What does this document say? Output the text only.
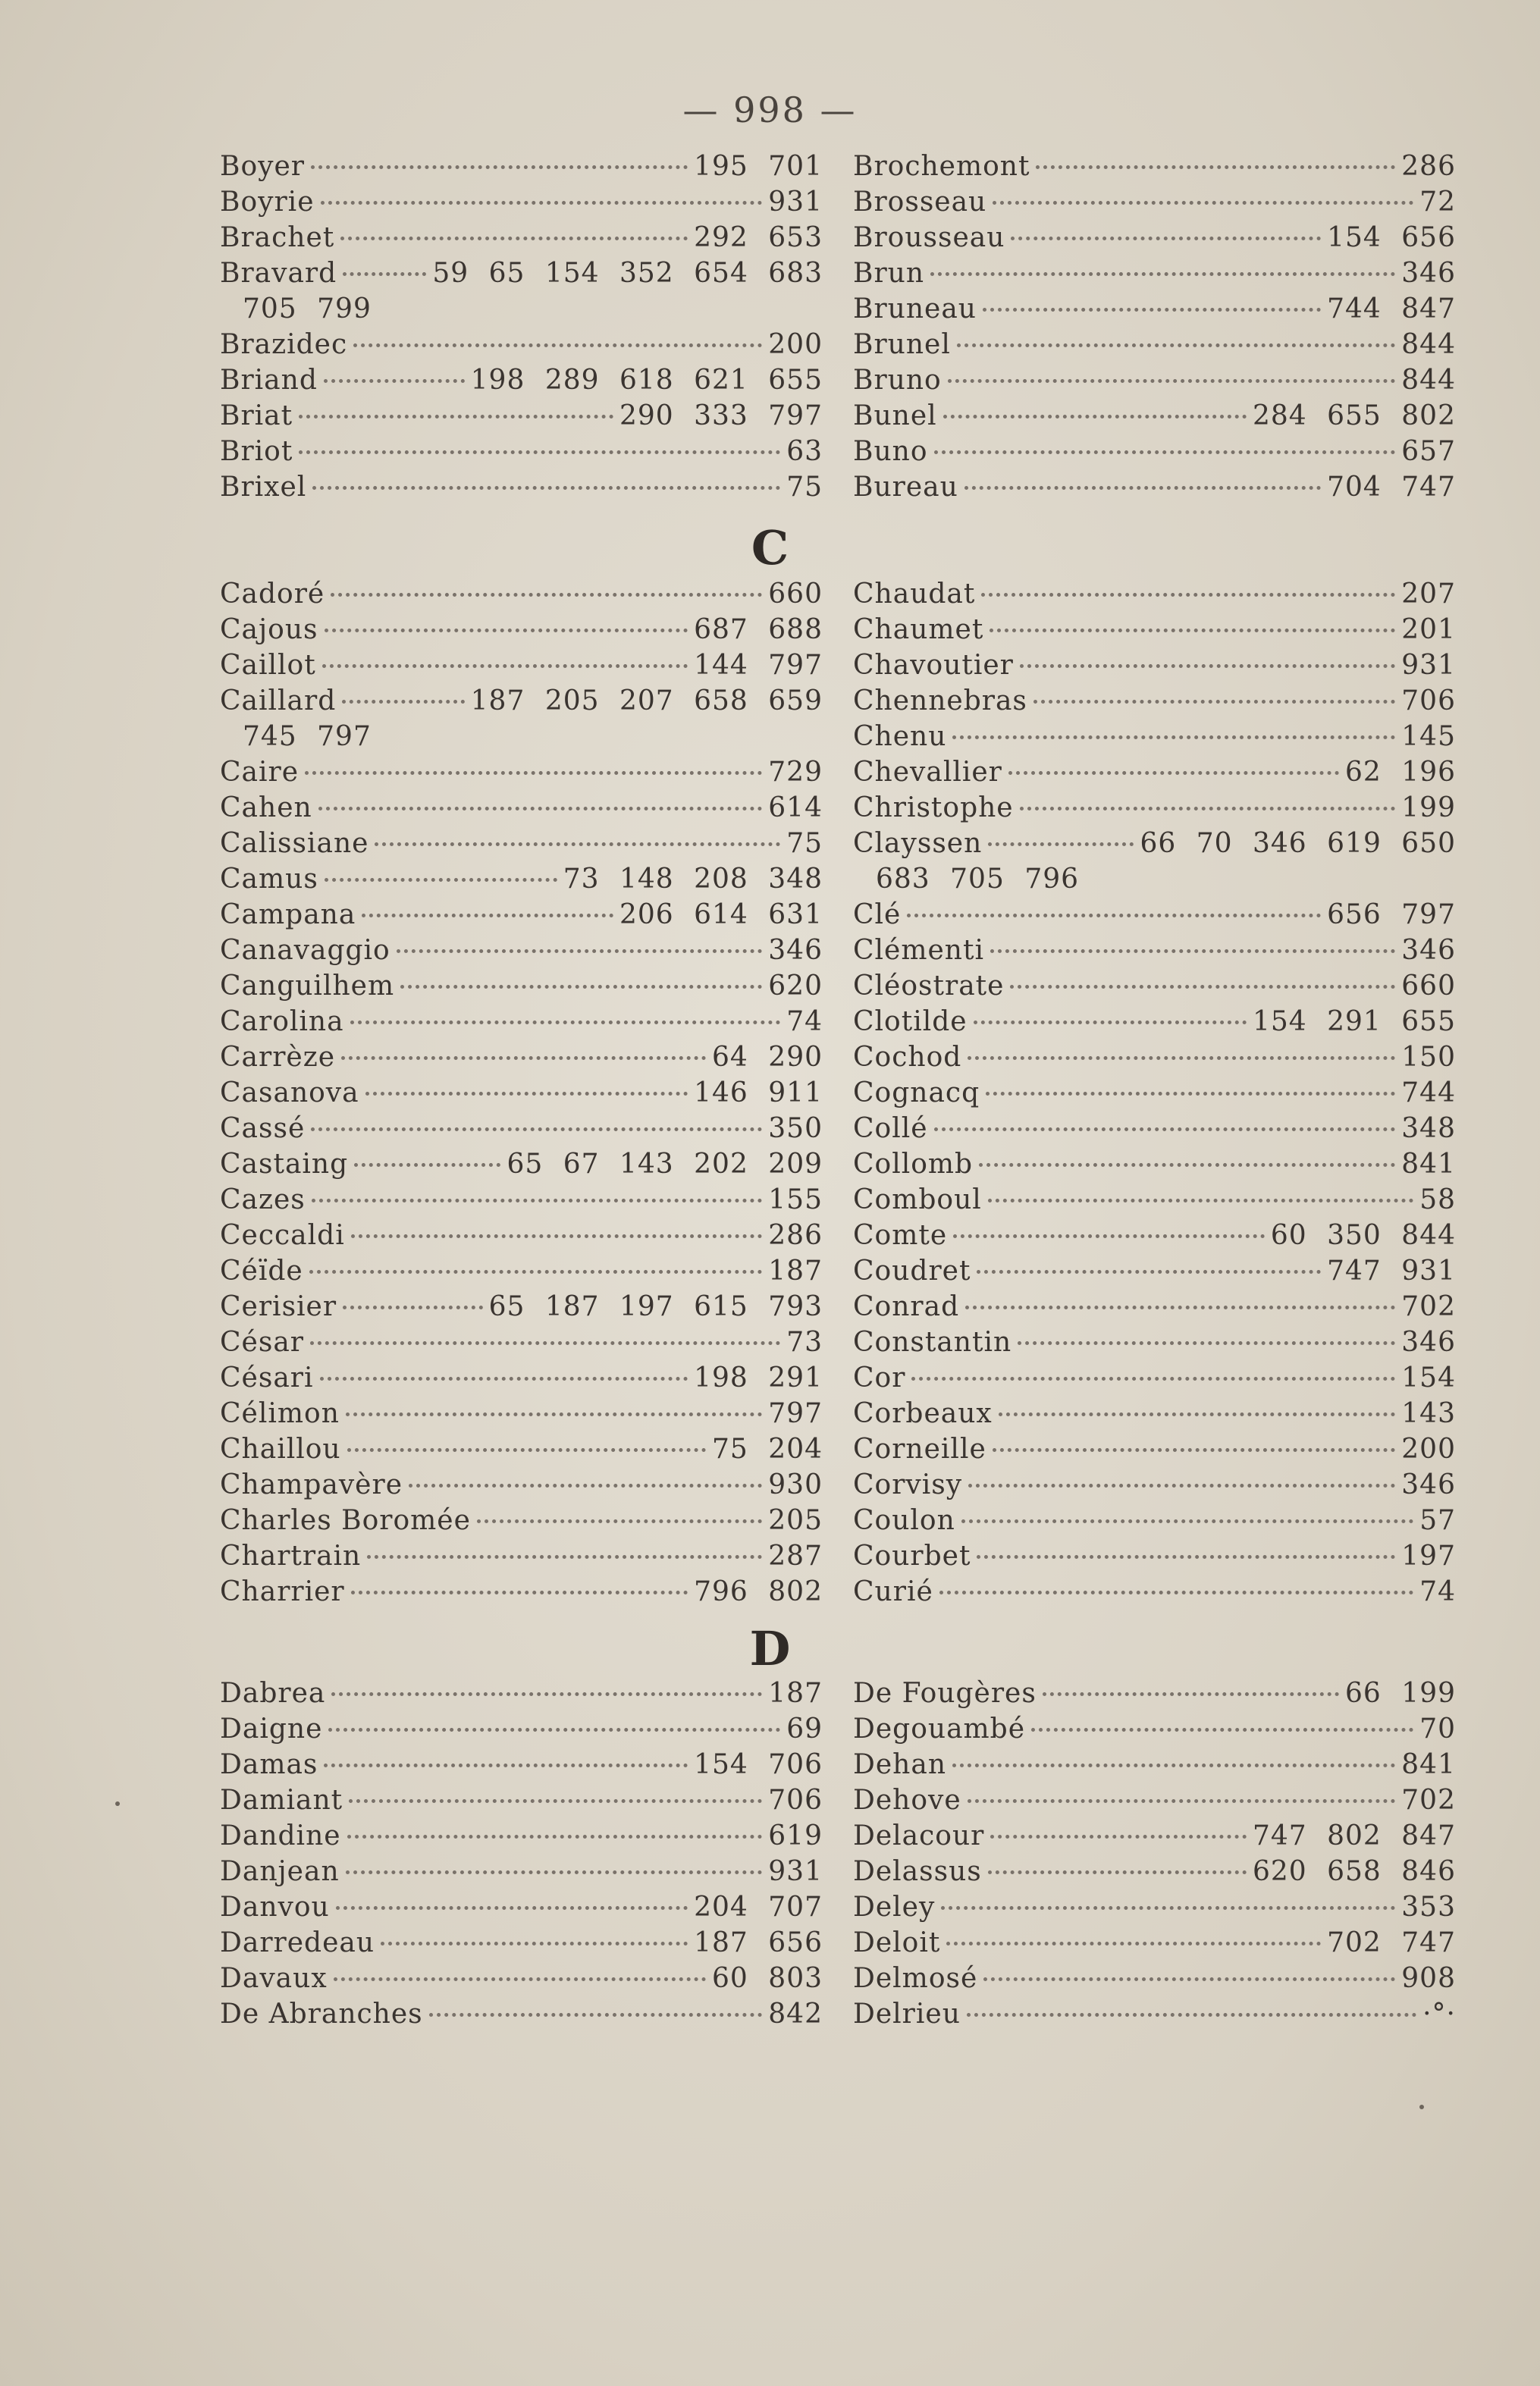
— 998 —
Boyer	195 701
Boyrie	931
Brachet	292 653
Bravard	59 65 154 352 654 683
705 799
Brazidec	200
Briand	198 289 618 621 655
Briat	290 333 797
Briot	63
Brixel	75
Brochemont	286
Brosseau	72
Brousseau	154 656
Brun	346
Bruneau	744 847
Brunel	844
Bruno	844
Bunel	284 655 802
Buno	657
Bureau	704 747
C
Cadoré	660
Cajous	687 688
Caillot	144 797
Caillard	187 205 207 658 659
745 797
Caire	729
Cahen	614
Calissiane	75
Camus	73 148 208 348
Campana	206 614 631
Canavaggio	346
Canguilhem	620
Carolina	74
Carrèze	64 290
Casanova	146 911
Cassé	350
Castaing	65 67 143 202 209
Cazes	155
Ceccaldi	286
Céïde	187
Cerisier	65 187 197 615 793
César	73
Césari	198 291
Célimon	797
Chaillou	75 204
Champavère	930
Charles Boromée	205
Chartrain	287
Charrier	796 802
Chaudat	207
Chaumet	201
Chavoutier	931
Chennebras	706
Chenu	145
Chevallier	62 196
Christophe	199
Clayssen	66 70 346 619 650
683 705 796
Clé	656 797
Clémenti	346
Cléostrate	660
Clotilde	154 291 655
Cochod	150
Cognacq	744
Collé	348
Collomb	841
Comboul	58
Comte	60 350 844
Coudret	747 931
Conrad	702
Constantin	346
Cor	154
Corbeaux	143
Corneille	200
Corvisy	346
Coulon	57
Courbet	197
Curié	74
D
Dabrea	187
Daigne	69
Damas	154 706
Damiant	706
Dandine	619
Danjean	931
Danvou	204 707
Darredeau	187 656
Davaux	60 803
De Abranches	842
De Fougères	66 199
Degouambé	70
Dehan	841
Dehove	702
Delacour	747 802 847
Delassus	620 658 846
Deley	353
Deloit	702 747
Delmosé	908
Delrieu	·°·
